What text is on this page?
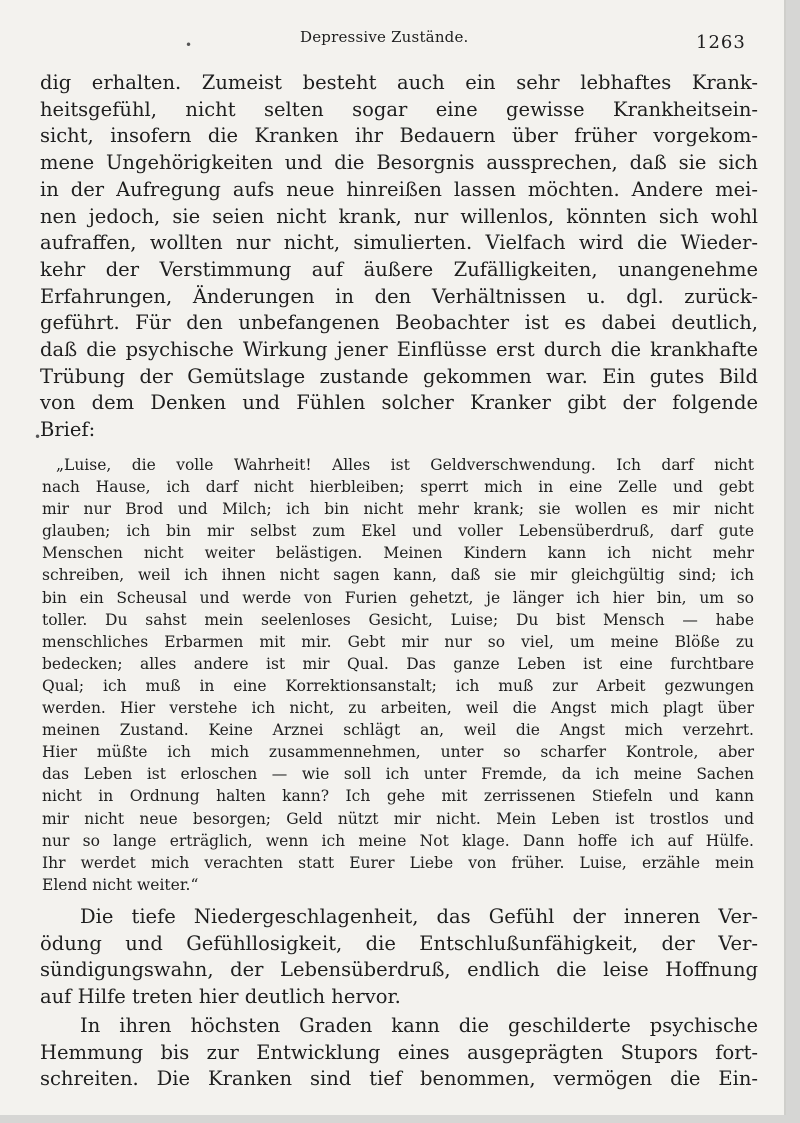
Depressive Zustände.	1263
•
•
dig erhalten. Zumeist besteht auch ein sehr lebhaftes Krank-
heitsgefühl, nicht selten sogar eine gewisse Krankheitsein-
sicht, insofern die Kranken ihr Bedauern über früher vorgekom-
mene Ungehörigkeiten und die Besorgnis aussprechen, daß sie sich
in der Aufregung aufs neue hinreißen lassen möchten. Andere mei-
nen jedoch, sie seien nicht krank, nur willenlos, könnten sich wohl
aufraffen, wollten nur nicht, simulierten. Vielfach wird die Wieder-
kehr der Verstimmung auf äußere Zufälligkeiten, unangenehme
Erfahrungen, Änderungen in den Verhältnissen u. dgl. zurück-
geführt. Für den unbefangenen Beobachter ist es dabei deutlich,
daß die psychische Wirkung jener Einflüsse erst durch die krankhafte
Trübung der Gemütslage zustande gekommen war. Ein gutes Bild
von dem Denken und Fühlen solcher Kranker gibt der folgende
Brief:
„Luise, die volle Wahrheit! Alles ist Geldverschwendung. Ich darf nicht
nach Hause, ich darf nicht hierbleiben; sperrt mich in eine Zelle und gebt
mir nur Brod und Milch; ich bin nicht mehr krank; sie wollen es mir nicht
glauben; ich bin mir selbst zum Ekel und voller Lebensüberdruß, darf gute
Menschen nicht weiter belästigen. Meinen Kindern kann ich nicht mehr
schreiben, weil ich ihnen nicht sagen kann, daß sie mir gleichgültig sind; ich
bin ein Scheusal und werde von Furien gehetzt, je länger ich hier bin, um so
toller. Du sahst mein seelenloses Gesicht, Luise; Du bist Mensch — habe
menschliches Erbarmen mit mir. Gebt mir nur so viel, um meine Blöße zu
bedecken; alles andere ist mir Qual. Das ganze Leben ist eine furchtbare
Qual; ich muß in eine Korrektionsanstalt; ich muß zur Arbeit gezwungen
werden. Hier verstehe ich nicht, zu arbeiten, weil die Angst mich plagt über
meinen Zustand. Keine Arznei schlägt an, weil die Angst mich verzehrt.
Hier müßte ich mich zusammennehmen, unter so scharfer Kontrole, aber
das Leben ist erloschen — wie soll ich unter Fremde, da ich meine Sachen
nicht in Ordnung halten kann? Ich gehe mit zerrissenen Stiefeln und kann
mir nicht neue besorgen; Geld nützt mir nicht. Mein Leben ist trostlos und
nur so lange erträglich, wenn ich meine Not klage. Dann hoffe ich auf Hülfe.
Ihr werdet mich verachten statt Eurer Liebe von früher. Luise, erzähle mein
Elend nicht weiter.“
Die tiefe Niedergeschlagenheit, das Gefühl der inneren Ver-
ödung und Gefühllosigkeit, die Entschlußunfähigkeit, der Ver-
sündigungswahn, der Lebensüberdruß, endlich die leise Hoffnung
auf Hilfe treten hier deutlich hervor.
In ihren höchsten Graden kann die geschilderte psychische
Hemmung bis zur Entwicklung eines ausgeprägten Stupors fort-
schreiten. Die Kranken sind tief benommen, vermögen die Ein-
